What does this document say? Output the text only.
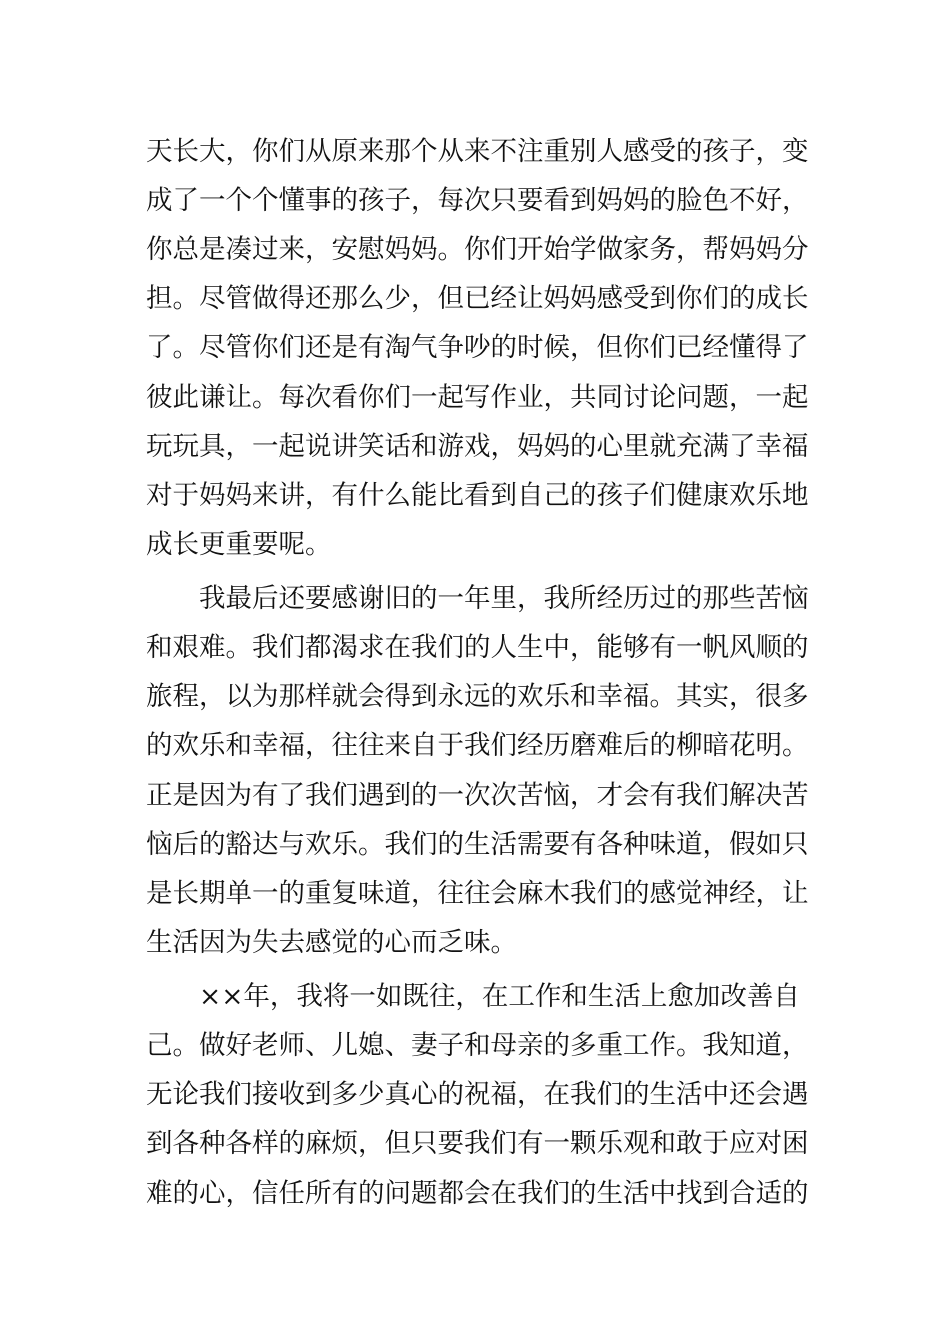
天长大，你们从原来那个从来不注重别人感受的孩子，变
成了一个个懂事的孩子，每次只要看到妈妈的脸色不好，
你总是凑过来，安慰妈妈。你们开始学做家务，帮妈妈分
担。尽管做得还那么少，但已经让妈妈感受到你们的成长
了。尽管你们还是有淘气争吵的时候，但你们已经懂得了
彼此谦让。每次看你们一起写作业，共同讨论问题，一起
玩玩具，一起说讲笑话和游戏，妈妈的心里就充满了幸福
对于妈妈来讲，有什么能比看到自己的孩子们健康欢乐地
成长更重要呢。
我最后还要感谢旧的一年里，我所经历过的那些苦恼
和艰难。我们都渴求在我们的人生中，能够有一帆风顺的
旅程，以为那样就会得到永远的欢乐和幸福。其实，很多
的欢乐和幸福，往往来自于我们经历磨难后的柳暗花明。
正是因为有了我们遇到的一次次苦恼，才会有我们解决苦
恼后的豁达与欢乐。我们的生活需要有各种味道，假如只
是长期单一的重复味道，往往会麻木我们的感觉神经，让
生活因为失去感觉的心而乏味。
××年，我将一如既往，在工作和生活上愈加改善自
己。做好老师、儿媳、妻子和母亲的多重工作。我知道，
无论我们接收到多少真心的祝福，在我们的生活中还会遇
到各种各样的麻烦，但只要我们有一颗乐观和敢于应对困
难的心，信任所有的问题都会在我们的生活中找到合适的
